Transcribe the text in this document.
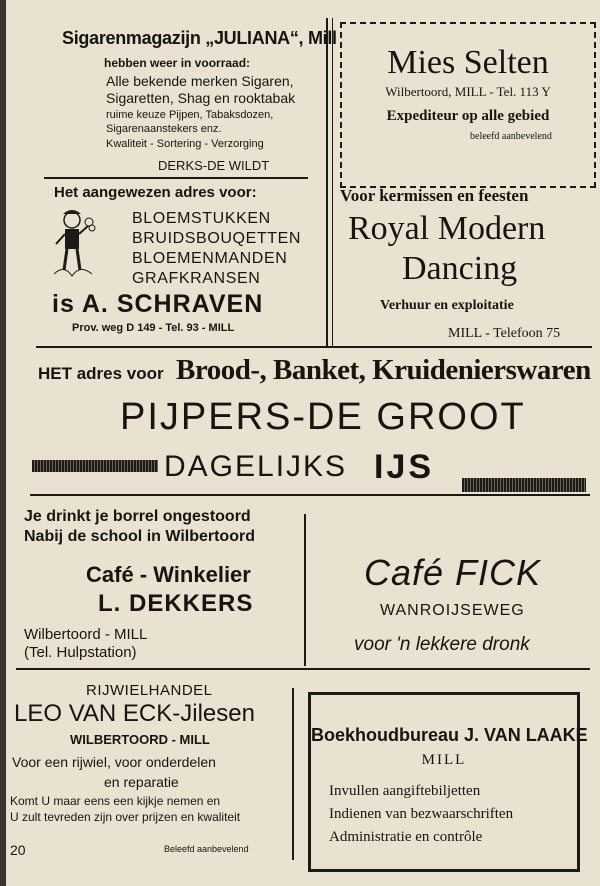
Sigarenmagazijn „JULIANA“, Mill
hebben weer in voorraad:
Alle bekende merken Sigaren,
Sigaretten, Shag en rooktabak
ruime keuze Pijpen, Tabaksdozen,
Sigarenaanstekers enz.
Kwaliteit - Sortering - Verzorging
DERKS-DE WILDT
Mies Selten
Wilbertoord, MILL - Tel. 113 Y
Expediteur op alle gebied
beleefd aanbevelend
Het aangewezen adres voor:
BLOEMSTUKKEN
BRUIDSBOUQETTEN
BLOEMENMANDEN
GRAFKRANSEN
is A. SCHRAVEN
Prov. weg D 149 - Tel. 93 - MILL
Voor kermissen en feesten
Royal Modern
Dancing
Verhuur en exploitatie
MILL - Telefoon 75
HET adres voor Brood-, Banket, Kruidenierswaren
PIJPERS-DE GROOT
DAGELIJKS IJS
Je drinkt je borrel ongestoord
Nabij de school in Wilbertoord
Café - Winkelier
L. DEKKERS
Wilbertoord - MILL
(Tel. Hulpstation)
Café FICK
WANROIJSEWEG
voor 'n lekkere dronk
RIJWIELHANDEL
LEO VAN ECK-Jilesen
WILBERTOORD - MILL
Voor een rijwiel, voor onderdelen
en reparatie
Komt U maar eens een kijkje nemen en
U zult tevreden zijn over prijzen en kwaliteit
20	Beleefd aanbevelend
Boekhoudbureau J. VAN LAAKE
MILL
Invullen aangiftebiljetten
Indienen van bezwaarschriften
Administratie en contrôle
